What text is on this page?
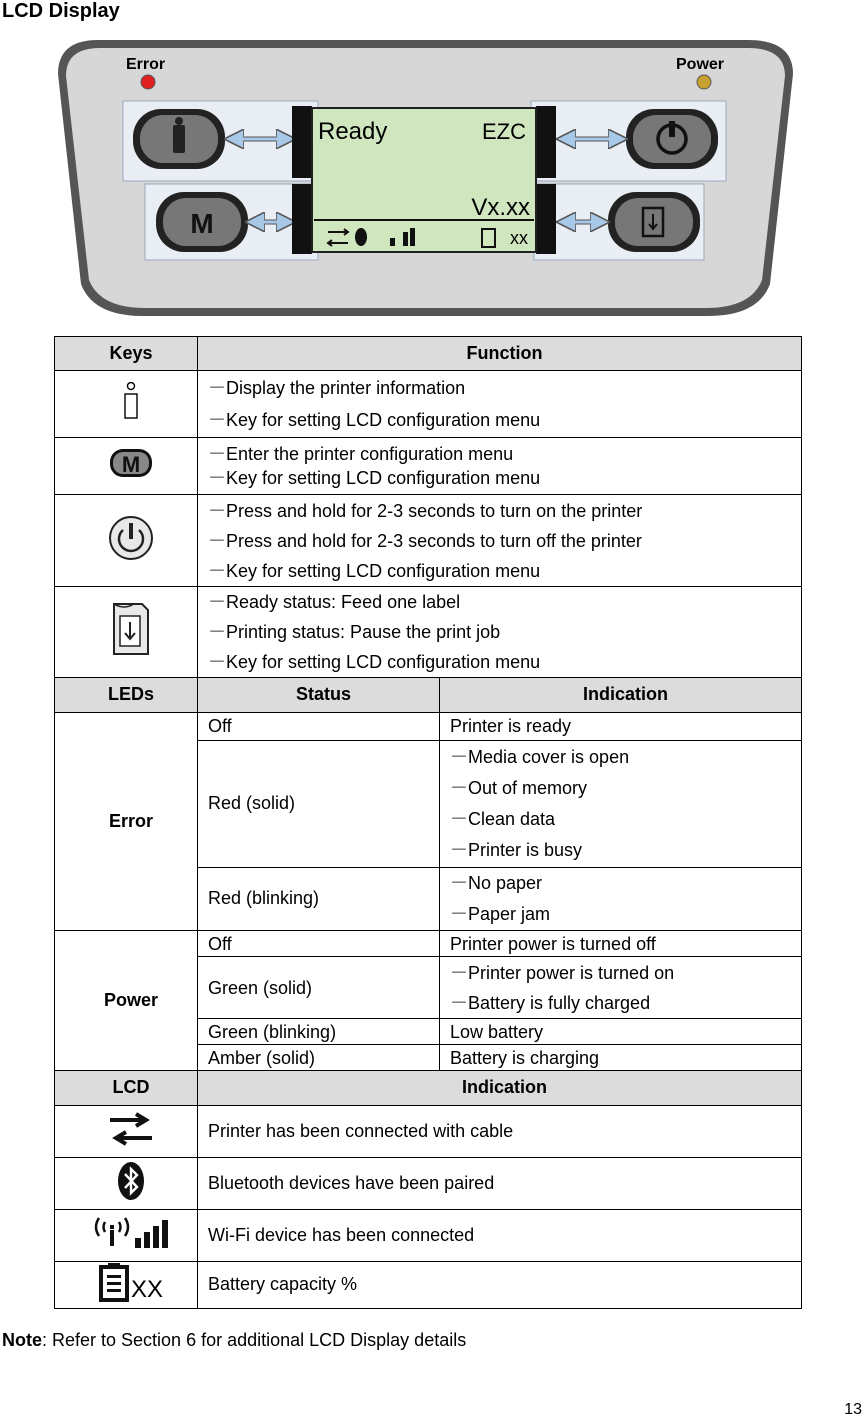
LCD Display
Error	Power
M
Ready	EZC
Vx.xx
xx
Keys	Function	

－Display the printer information
－Key for setting LCD configuration menu	

M	－Enter the printer configuration menu
－Key for setting LCD configuration menu	

－Press and hold for 2-3 seconds to turn on the printer
－Press and hold for 2-3 seconds to turn off the printer
－Key for setting LCD configuration menu	

－Ready status: Feed one label
－Printing status: Pause the print job
－Key for setting LCD configuration menu	

LEDs	Status	Indication
Error	Off	Printer is ready

	Red (solid)	－Media cover is open
－Out of memory
－Clean data
－Printer is busy

	Red (blinking)	－No paper
－Paper jam

Power	Off	Printer power is turned off

	Green (solid)	－Printer power is turned on
－Battery is fully charged

	Green (blinking)	Low battery

	Amber (solid)	Battery is charging

LCD	Indication	
	Printer has been connected with cable	
	Bluetooth devices have been paired	
	Wi-Fi device has been connected	

XX	Battery capacity %	
Note: Refer to Section 6 for additional LCD Display details
13
